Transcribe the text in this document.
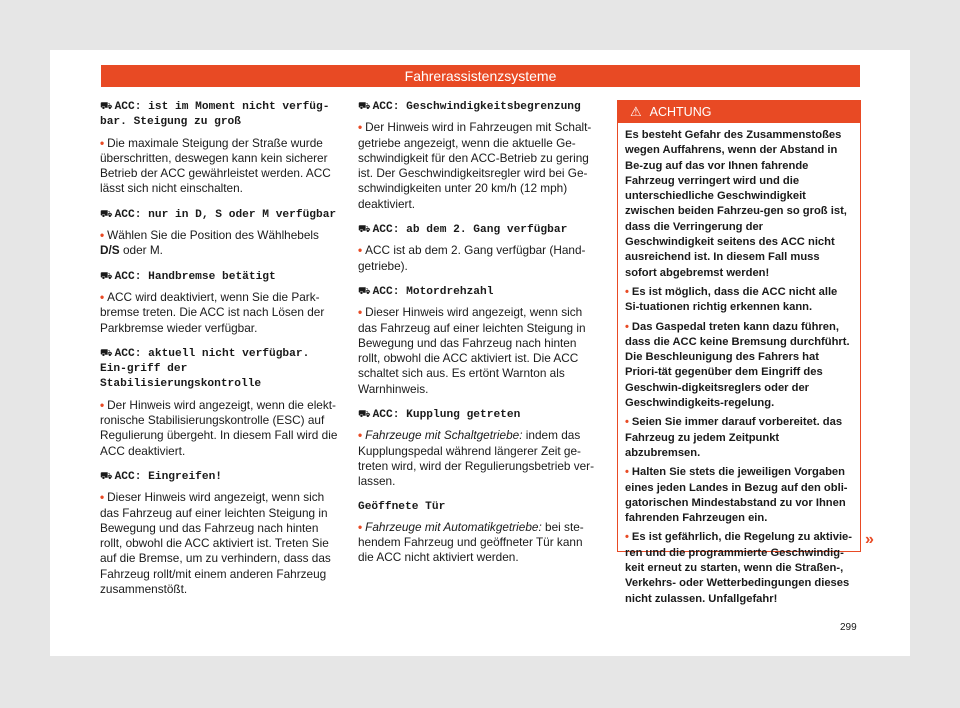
Fahrerassistenzsysteme
⛟ ACC: ist im Moment nicht verfüg-bar. Steigung zu groß
• Die maximale Steigung der Straße wurde überschritten, deswegen kann kein sicherer Betrieb der ACC gewährleistet werden. ACC lässt sich nicht einschalten.
⛟ ACC: nur in D, S oder M verfügbar
• Wählen Sie die Position des Wählhebels D/S oder M.
⛟ ACC: Handbremse betätigt
• ACC wird deaktiviert, wenn Sie die Park-bremse treten. Die ACC ist nach Lösen der Parkbremse wieder verfügbar.
⛟ ACC: aktuell nicht verfügbar. Ein-griff der Stabilisierungskontrolle
• Der Hinweis wird angezeigt, wenn die elekt-ronische Stabilisierungskontrolle (ESC) auf Regulierung übergeht. In diesem Fall wird die ACC deaktiviert.
⛟ ACC: Eingreifen!
• Dieser Hinweis wird angezeigt, wenn sich das Fahrzeug auf einer leichten Steigung in Bewegung und das Fahrzeug nach hinten rollt, obwohl die ACC aktiviert ist. Treten Sie auf die Bremse, um zu verhindern, dass das Fahrzeug rollt/mit einem anderen Fahrzeug zusammenstößt.
⛟ ACC: Geschwindigkeitsbegrenzung
• Der Hinweis wird in Fahrzeugen mit Schalt-getriebe angezeigt, wenn die aktuelle Ge-schwindigkeit für den ACC-Betrieb zu gering ist. Der Geschwindigkeitsregler wird bei Ge-schwindigkeiten unter 20 km/h (12 mph) deaktiviert.
⛟ ACC: ab dem 2. Gang verfügbar
• ACC ist ab dem 2. Gang verfügbar (Hand-getriebe).
⛟ ACC: Motordrehzahl
• Dieser Hinweis wird angezeigt, wenn sich das Fahrzeug auf einer leichten Steigung in Bewegung und das Fahrzeug nach hinten rollt, obwohl die ACC aktiviert ist. Die ACC schaltet sich aus. Es ertönt Warnton als Warnhinweis.
⛟ ACC: Kupplung getreten
• Fahrzeuge mit Schaltgetriebe: indem das Kupplungspedal während längerer Zeit ge-treten wird, wird der Regulierungsbetrieb ver-lassen.
Geöffnete Tür
• Fahrzeuge mit Automatikgetriebe: bei ste-hendem Fahrzeug und geöffneter Tür kann die ACC nicht aktiviert werden.
⚠ ACHTUNG
Es besteht Gefahr des Zusammenstoßes wegen Auffahrens, wenn der Abstand in Be-zug auf das vor Ihnen fahrende Fahrzeug verringert wird und die unterschiedliche Geschwindigkeit zwischen beiden Fahrzeu-gen so groß ist, dass die Verringerung der Geschwindigkeit seitens des ACC nicht ausreichend ist. In diesem Fall muss sofort abgebremst werden!
• Es ist möglich, dass die ACC nicht alle Si-tuationen richtig erkennen kann.
• Das Gaspedal treten kann dazu führen, dass die ACC keine Bremsung durchführt. Die Beschleunigung des Fahrers hat Priori-tät gegenüber dem Eingriff des Geschwin-digkeitsreglers oder der Geschwindigkeits-regelung.
• Seien Sie immer darauf vorbereitet. das Fahrzeug zu jedem Zeitpunkt abzubremsen.
• Halten Sie stets die jeweiligen Vorgaben eines jeden Landes in Bezug auf den obli-gatorischen Mindestabstand zu vor Ihnen fahrenden Fahrzeugen ein.
• Es ist gefährlich, die Regelung zu aktivie-ren und die programmierte Geschwindig-keit erneut zu starten, wenn die Straßen-, Verkehrs- oder Wetterbedingungen dieses nicht zulassen. Unfallgefahr!
»
299
